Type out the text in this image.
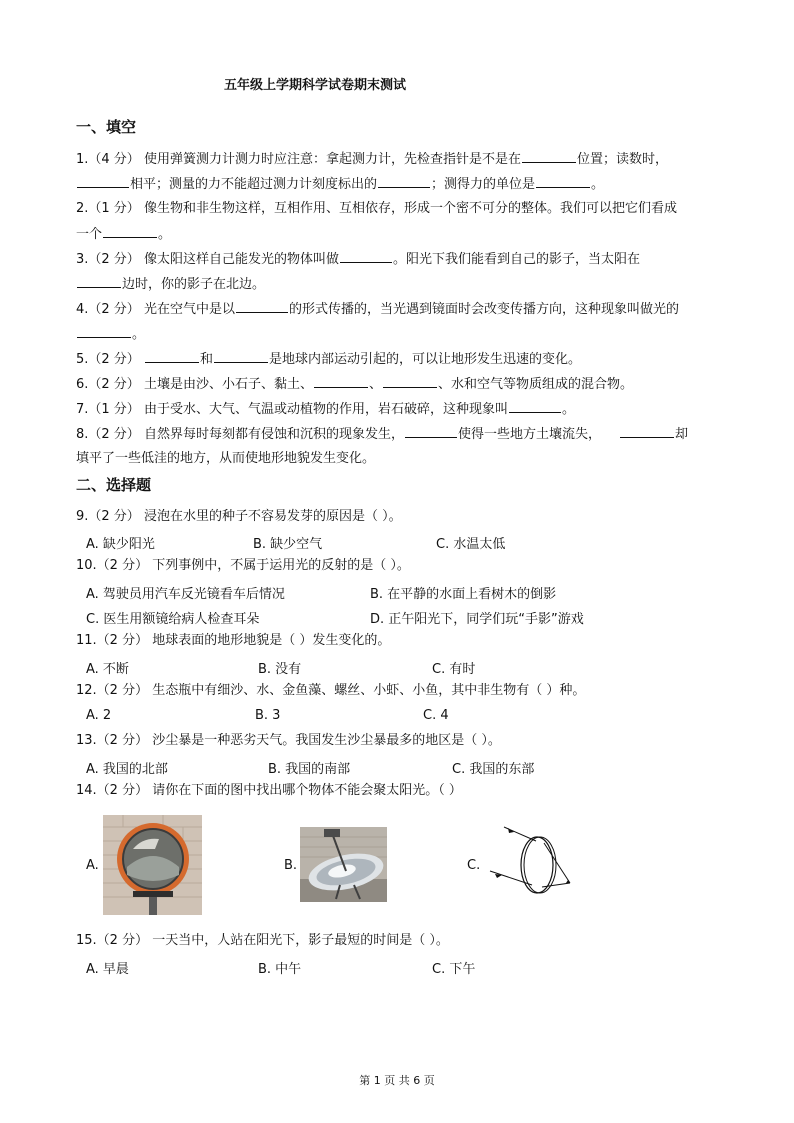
五年级上学期科学试卷期末测试
一、填空
1.（4 分） 使用弹簧测力计测力时应注意：拿起测力计，先检查指针是不是在	位置；读数时，
相平；测量的力不能超过测力计刻度标出的	；测得力的单位是	。
2.（1 分） 像生物和非生物这样，互相作用、互相依存，形成一个密不可分的整体。我们可以把它们看成
一个	。
3.（2 分） 像太阳这样自己能发光的物体叫做	。阳光下我们能看到自己的影子，当太阳在
边时，你的影子在北边。
4.（2 分） 光在空气中是以	的形式传播的，当光遇到镜面时会改变传播方向，这种现象叫做光的
。
5.（2 分）	和	是地球内部运动引起的，可以让地形发生迅速的变化。
6.（2 分） 土壤是由沙、小石子、黏土、	、	、水和空气等物质组成的混合物。
7.（1 分） 由于受水、大气、气温或动植物的作用，岩石破碎，这种现象叫	。
8.（2 分） 自然界每时每刻都有侵蚀和沉积的现象发生，	使得一些地方土壤流失，	却
填平了一些低洼的地方，从而使地形地貌发生变化。
二、选择题
9.（2 分） 浸泡在水里的种子不容易发芽的原因是（ ）。
A. 缺少阳光	B. 缺少空气	C. 水温太低
10.（2 分） 下列事例中，不属于运用光的反射的是（ ）。
A. 驾驶员用汽车反光镜看车后情况	B. 在平静的水面上看树木的倒影
C. 医生用额镜给病人检查耳朵	D. 正午阳光下，同学们玩“手影”游戏
11.（2 分） 地球表面的地形地貌是（ ）发生变化的。
A. 不断	B. 没有	C. 有时
12.（2 分） 生态瓶中有细沙、水、金鱼藻、螺丝、小虾、小鱼，其中非生物有（ ）种。
A. 2	B. 3	C. 4
13.（2 分） 沙尘暴是一种恶劣天气。我国发生沙尘暴最多的地区是（ ）。
A. 我国的北部	B. 我国的南部	C. 我国的东部
14.（2 分） 请你在下面的图中找出哪个物体不能会聚太阳光。（ ）
A.	B.	C.
15.（2 分） 一天当中，人站在阳光下，影子最短的时间是（ ）。
A. 早晨	B. 中午	C. 下午
第 1 页 共 6 页
